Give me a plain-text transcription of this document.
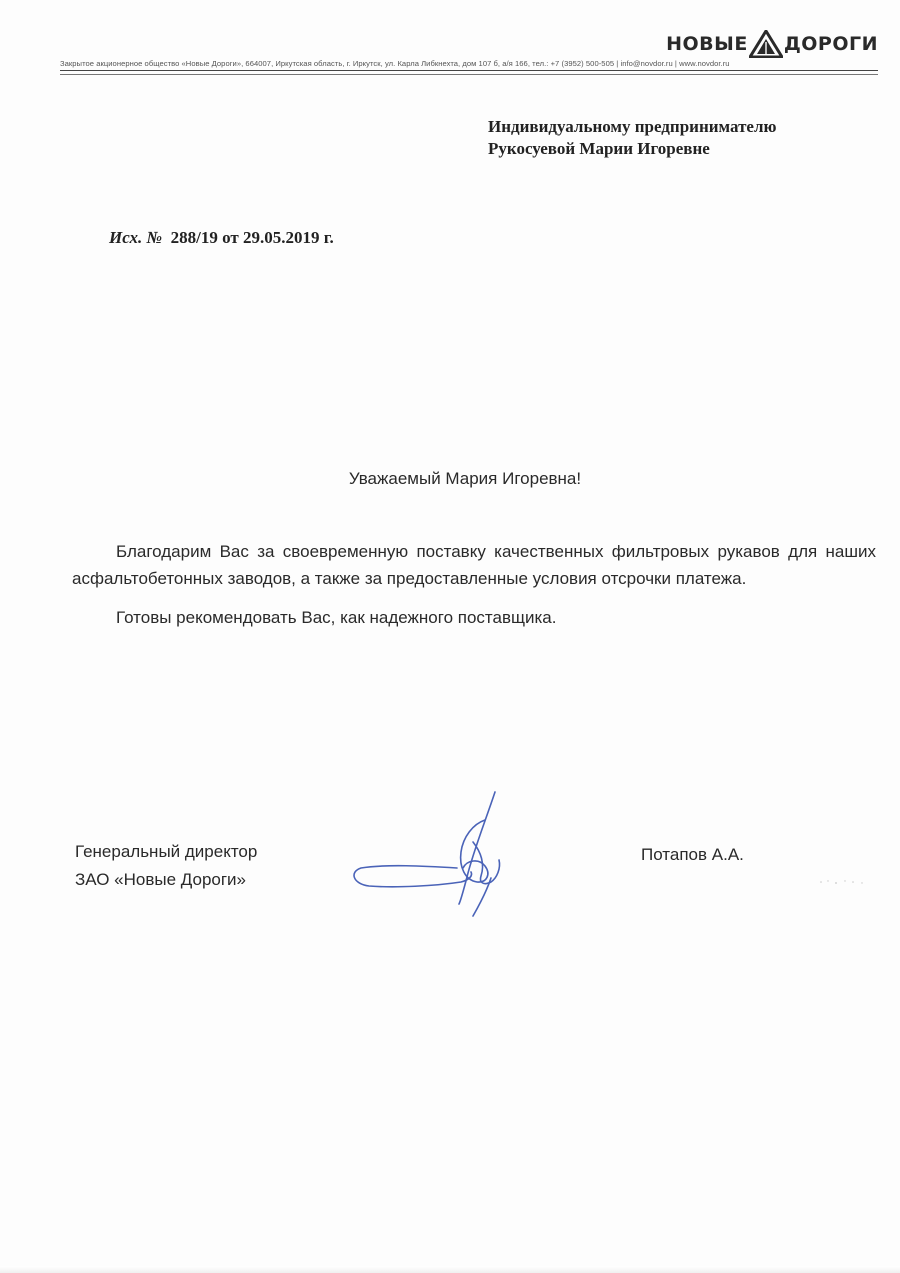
НОВЫЕ ДОРОГИ
Закрытое акционерное общество «Новые Дороги», 664007, Иркутская область, г. Иркутск, ул. Карла Либкнехта, дом 107 б, а/я 166, тел.: +7 (3952) 500-505 | info@novdor.ru | www.novdor.ru
Индивидуальному предпринимателю
Рукосуевой Марии Игоревне
Исх. № 288/19 от 29.05.2019 г.
Уважаемый Мария Игоревна!

Благодарим Вас за своевременную поставку качественных фильтровых рукавов для наших асфальтобетонных заводов, а также за предоставленные условия отсрочки платежа.

Готовы рекомендовать Вас, как надежного поставщика.

Генеральный директор
ЗАО «Новые Дороги»
Потапов А.А.
